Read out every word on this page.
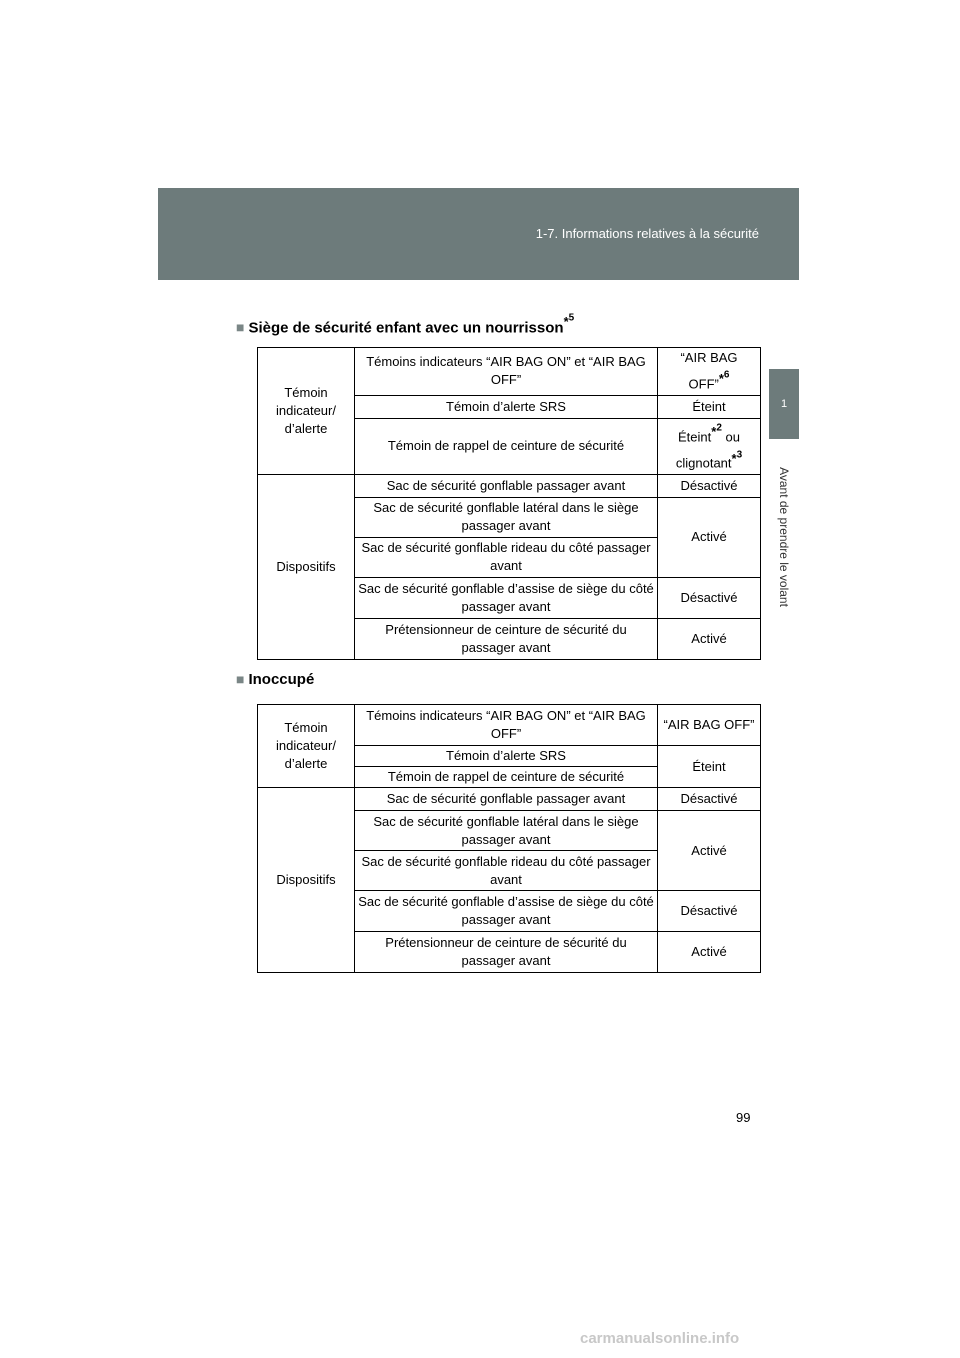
1-7. Informations relatives à la sécurité
1
Avant de prendre le volant
■ Siège de sécurité enfant avec un nourrisson*$^5$
Témoin indicateur/ d’alerte	Témoins indicateurs “AIR BAG ON” et “AIR BAG OFF”	“AIR BAG OFF”*$^6$
	Témoin d’alerte SRS	Éteint
	Témoin de rappel de ceinture de sécurité	Éteint*$^2$ ou
clignotant*$^3$
Dispositifs	Sac de sécurité gonflable passager avant	Désactivé
	Sac de sécurité gonflable latéral dans le siège passager avant	Activé
	Sac de sécurité gonflable rideau du côté passager avant	
	Sac de sécurité gonflable d’assise de siège du côté passager avant	Désactivé
	Prétensionneur de ceinture de sécurité du passager avant	Activé
■ Inoccupé
Témoin indicateur/ d’alerte	Témoins indicateurs “AIR BAG ON” et “AIR BAG OFF”	“AIR BAG OFF”
	Témoin d’alerte SRS	Éteint
	Témoin de rappel de ceinture de sécurité	
Dispositifs	Sac de sécurité gonflable passager avant	Désactivé
	Sac de sécurité gonflable latéral dans le siège passager avant	Activé
	Sac de sécurité gonflable rideau du côté passager avant	
	Sac de sécurité gonflable d’assise de siège du côté passager avant	Désactivé
	Prétensionneur de ceinture de sécurité du passager avant	Activé
99
carmanualsonline.info
